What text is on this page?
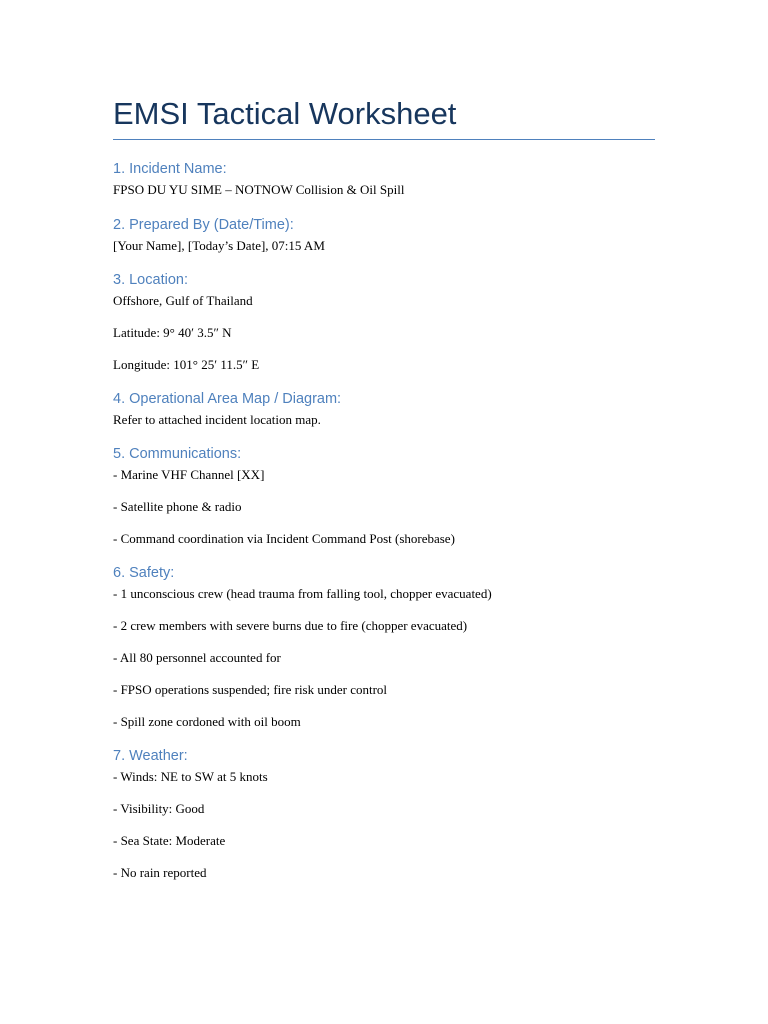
EMSI Tactical Worksheet
1. Incident Name:

FPSO DU YU SIME – NOTNOW Collision & Oil Spill

2. Prepared By (Date/Time):

[Your Name], [Today’s Date], 07:15 AM

3. Location:

Offshore, Gulf of Thailand

Latitude: 9° 40′ 3.5″ N

Longitude: 101° 25′ 11.5″ E

4. Operational Area Map / Diagram:

Refer to attached incident location map.

5. Communications:

- Marine VHF Channel [XX]

- Satellite phone & radio

- Command coordination via Incident Command Post (shorebase)

6. Safety:

- 1 unconscious crew (head trauma from falling tool, chopper evacuated)

- 2 crew members with severe burns due to fire (chopper evacuated)

- All 80 personnel accounted for

- FPSO operations suspended; fire risk under control

- Spill zone cordoned with oil boom

7. Weather:

- Winds: NE to SW at 5 knots

- Visibility: Good

- Sea State: Moderate

- No rain reported
